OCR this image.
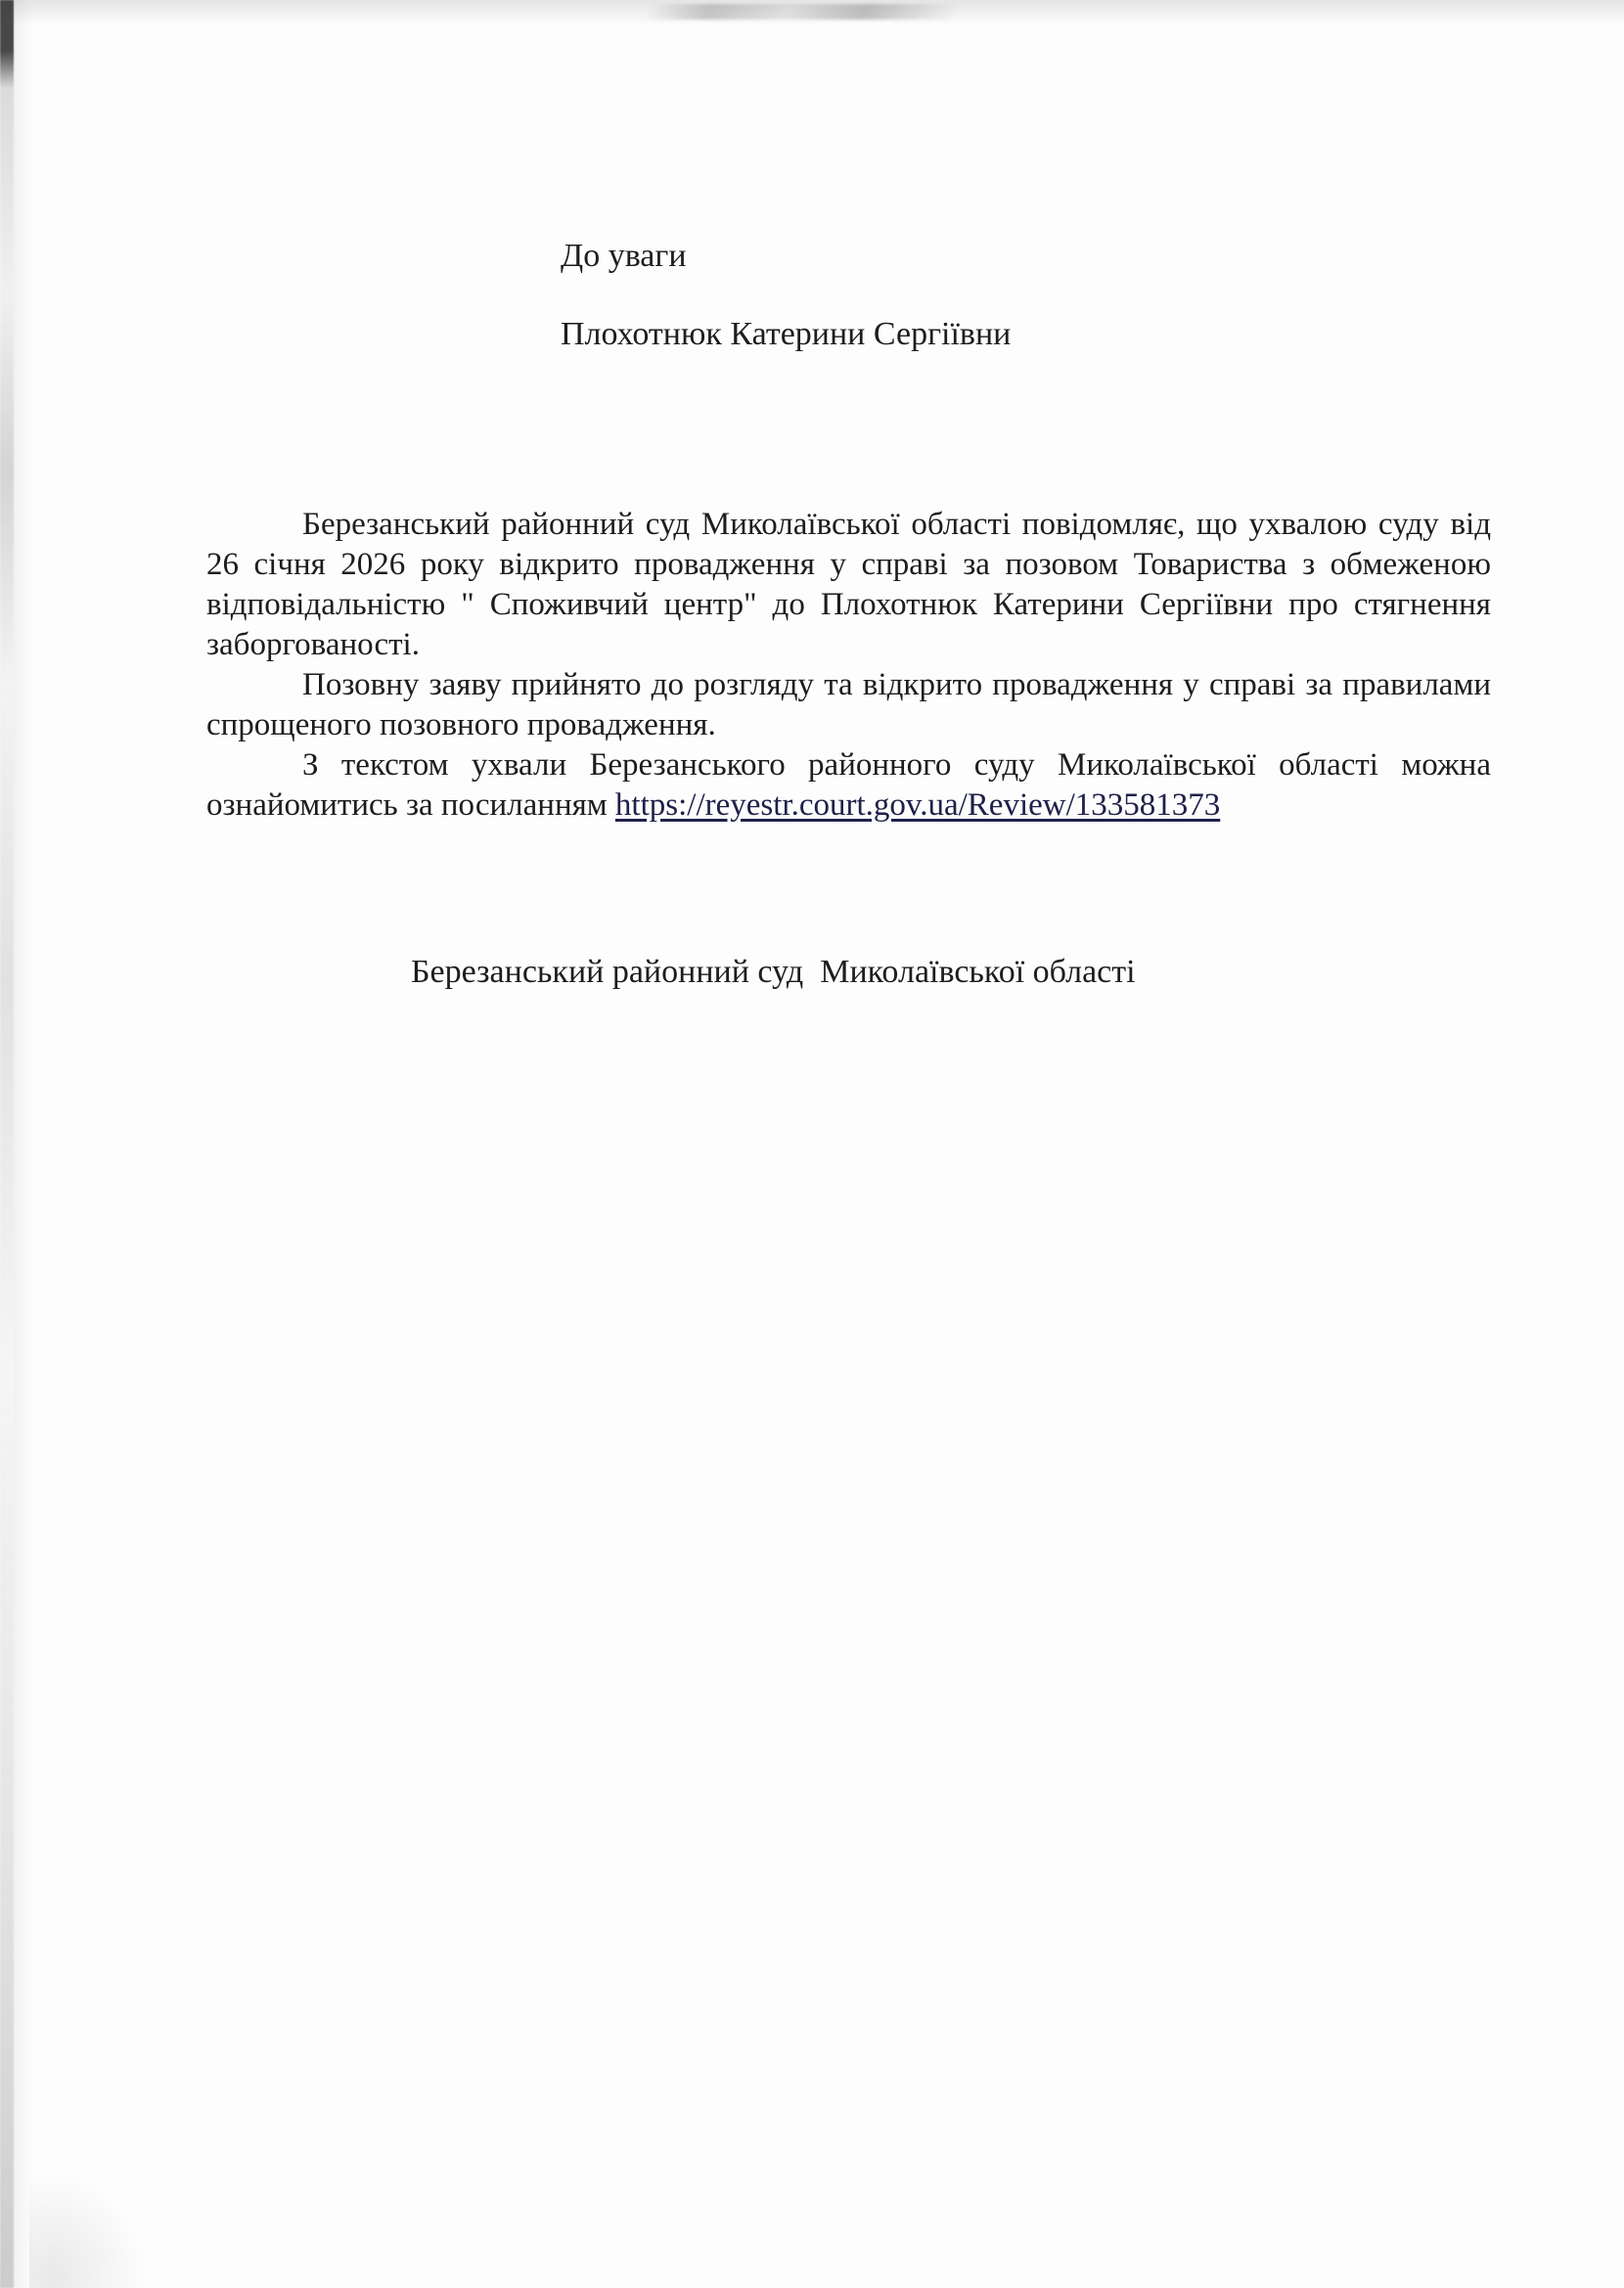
До уваги
Плохотнюк Катерини Сергіївни

Березанський районний суд Миколаївської області повідомляє, що ухвалою суду від 26 січня 2026 року відкрито провадження у справі за позовом Товариства з обмеженою відповідальністю " Споживчий центр" до Плохотнюк Катерини Сергіївни про стягнення заборгованості.

Позовну заяву прийнято до розгляду та відкрито провадження у справі за правилами спрощеного позовного провадження.

З текстом ухвали Березанського районного суду Миколаївської області можна ознайомитись за посиланням https://reyestr.court.gov.ua/Review/133581373

Березанський районний суд  Миколаївської області
